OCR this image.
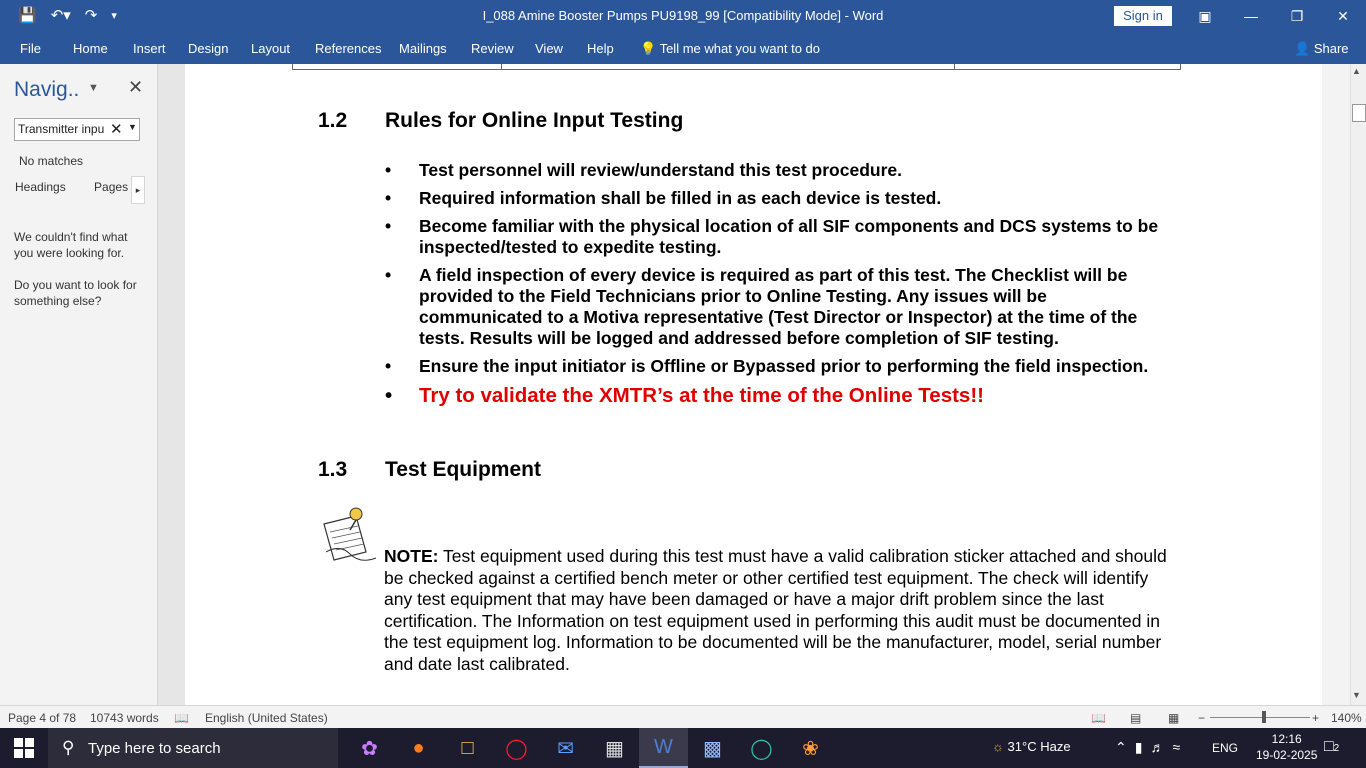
💾 ↶▾ ↷ ▾	I_088 Amine Booster Pumps PU9198_99 [Compatibility Mode] - Word	Sign in	▣	—	❐	✕
File Home Insert Design Layout References Mailings Review View Help 💡 Tell me what you want to do	👤 Share
Navig.. ▼ ✕
Transmitter inpu ✕ ▼
No matches
Headings Pages ▸
We couldn't find what you were looking for.
Do you want to look for something else?
1.2 Rules for Online Input Testing
• Test personnel will review/understand this test procedure.
• Required information shall be filled in as each device is tested.
• Become familiar with the physical location of all SIF components and DCS systems to be inspected/tested to expedite testing.
• A field inspection of every device is required as part of this test. The Checklist will be provided to the Field Technicians prior to Online Testing. Any issues will be communicated to a Motiva representative (Test Director or Inspector) at the time of the tests. Results will be logged and addressed before completion of SIF testing.
• Ensure the input initiator is Offline or Bypassed prior to performing the field inspection.
• Try to validate the XMTR’s at the time of the Online Tests!!
1.3 Test Equipment
NOTE: Test equipment used during this test must have a valid calibration sticker attached and should be checked against a certified bench meter or other certified test equipment. The check will identify any test equipment that may have been damaged or have a major drift problem since the last certification. The Information on test equipment used in performing this audit must be documented in the test equipment log. Information to be documented will be the manufacturer, model, serial number and date last calibrated.
▲
▼
Page 4 of 78 10743 words 📖 English (United States)	📖 ▤ ▦ −	+ 140%
⚲ Type here to search	✿	●	□	◯	✉	▦	W	▩	◯	❀	☼ 31°C Haze	⌃▮♬≈ ENG
12:16
19-02-2025 □2
